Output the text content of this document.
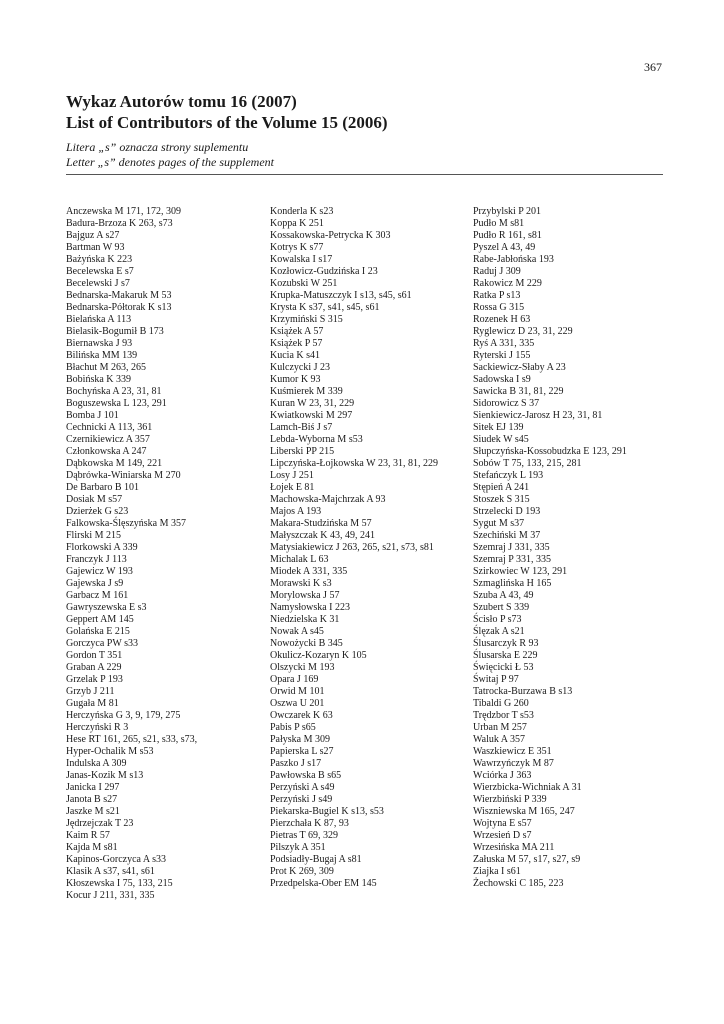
367
Wykaz Autorów tomu 16 (2007)
List of Contributors of the Volume 15 (2006)
Litera „s” oznacza strony suplementu
Letter „s” denotes pages of the supplement
Anczewska M 171, 172, 309
Badura-Brzoza K 263, s73
Bajguz A s27
Bartman W 93
Bażyńska K 223
Becelewska E s7
Becelewski J s7
Bednarska-Makaruk M 53
Bednarska-Półtorak K s13
Bielańska A 113
Bielasik-Bogumił B 173
Biernawska J 93
Bilińska MM 139
Błachut M 263, 265
Bobińska K 339
Bochyńska A 23, 31, 81
Boguszewska L 123, 291
Bomba J 101
Cechnicki A 113, 361
Czernikiewicz A 357
Członkowska A 247
Dąbkowska M 149, 221
Dąbrówka-Winiarska M 270
De Barbaro B 101
Dosiak M s57
Dzierżek G s23
Falkowska-Ślęszyńska M 357
Flirski M 215
Florkowski A 339
Franczyk J 113
Gajewicz W 193
Gajewska J s9
Garbacz M 161
Gawryszewska E s3
Geppert AM 145
Golańska E 215
Gorczyca PW s33
Gordon T 351
Graban A 229
Grzelak P 193
Grzyb J 211
Gugała M 81
Herczyńska G 3, 9, 179, 275
Herczyński R 3
Hese RT 161, 265, s21, s33, s73,
Hyper-Ochalik M s53
Indulska A 309
Janas-Kozik M s13
Janicka I 297
Janota B s27
Jaszke M s21
Jędrzejczak T 23
Kaim R 57
Kajda M s81
Kapinos-Gorczyca A s33
Klasik A s37, s41, s61
Kłoszewska I 75, 133, 215
Kocur J 211, 331, 335
Konderla K s23
Koppa K 251
Kossakowska-Petrycka K 303
Kotrys K s77
Kowalska I s17
Kozłowicz-Gudzińska I 23
Kozubski W 251
Krupka-Matuszczyk I s13, s45, s61
Krysta K s37, s41, s45, s61
Krzymiński S 315
Książek A 57
Książek P 57
Kucia K s41
Kulczycki J 23
Kumor K 93
Kuśmierek M 339
Kuran W 23, 31, 229
Kwiatkowski M 297
Lamch-Biś J s7
Lebda-Wyborna M s53
Liberski PP 215
Lipczyńska-Łojkowska W 23, 31, 81, 229
Losy J 251
Łojek E 81
Machowska-Majchrzak A 93
Majos A 193
Makara-Studzińska M 57
Małyszczak K 43, 49, 241
Matysiakiewicz J 263, 265, s21, s73, s81
Michalak L 63
Miodek A 331, 335
Morawski K s3
Morylowska J 57
Namysłowska I 223
Niedzielska K 31
Nowak A s45
Nowożycki B 345
Okulicz-Kozaryn K 105
Olszycki M 193
Opara J 169
Orwid M 101
Oszwa U 201
Owczarek K 63
Pabis P s65
Pałyska M 309
Papierska L s27
Paszko J s17
Pawłowska B s65
Perzyński A s49
Perzyński J s49
Piekarska-Bugiel K s13, s53
Pierzchała K 87, 93
Pietras T 69, 329
Pilszyk A 351
Podsiadły-Bugaj A s81
Prot K 269, 309
Przedpelska-Ober EM 145
Przybylski P 201
Pudło M s81
Pudło R 161, s81
Pyszel A 43, 49
Rabe-Jabłońska 193
Raduj J 309
Rakowicz M 229
Ratka P s13
Rossa G 315
Rozenek H 63
Ryglewicz D 23, 31, 229
Ryś A 331, 335
Ryterski J 155
Sackiewicz-Słaby A 23
Sadowska I s9
Sawicka B 31, 81, 229
Sidorowicz S 37
Sienkiewicz-Jarosz H 23, 31, 81
Sitek EJ 139
Siudek W s45
Słupczyńska-Kossobudzka E 123, 291
Sobów T 75, 133, 215, 281
Stefańczyk L 193
Stępień A 241
Stoszek S 315
Strzelecki D 193
Sygut M s37
Szechiński M 37
Szemraj J 331, 335
Szemraj P 331, 335
Szirkowiec W 123, 291
Szmaglińska H 165
Szuba A 43, 49
Szubert S 339
Ścisło P s73
Ślęzak A s21
Ślusarczyk R 93
Ślusarska E 229
Święcicki Ł 53
Świtaj P 97
Tatrocka-Burzawa B s13
Tibaldi G 260
Trędzbor T s53
Urban M 257
Waluk A 357
Waszkiewicz E 351
Wawrzyńczyk M 87
Wciórka J 363
Wierzbicka-Wichniak A 31
Wierzbiński P 339
Wiszniewska M 165, 247
Wojtyna E s57
Wrzesień D s7
Wrzesińska MA 211
Załuska M 57, s17, s27, s9
Ziajka I s61
Żechowski C 185, 223
